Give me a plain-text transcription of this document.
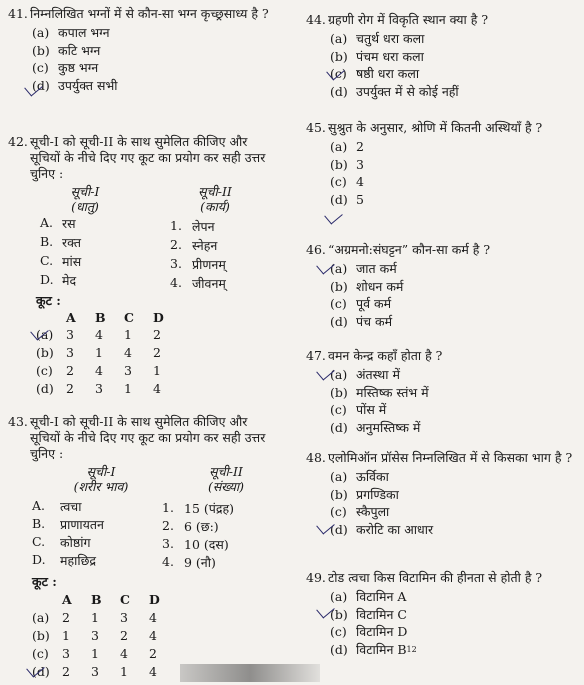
41. निम्नलिखित भग्नों में से कौन-सा भग्न कृच्छ्रसाध्य है ?
(a) कपाल भग्न
(b) कटि भग्न
(c) कुष्ठ भग्न
(d) उपर्युक्त सभी
42. सूची-I को सूची-II के साथ सुमेलित कीजिए और सूचियों के नीचे दिए गए कूट का प्रयोग कर सही उत्तर चुनिए :
सूची-I
(धातु)
सूची-II
(कार्य)
A. रस
B. रक्त
C. मांस
D. मेद
1. लेपन
2. स्नेहन
3. प्रीणनम्
4. जीवनम्
कूट :
A	B	C	D
(a)	3	4	1	2
(b) 3	1	4	2
(c)	2	4	3	1
(d) 2	3	1	4
43. सूची-I को सूची-II के साथ सुमेलित कीजिए और सूचियों के नीचे दिए गए कूट का प्रयोग कर सही उत्तर चुनिए :
सूची-I
(शरीर भाव)
सूची-II
(संख्या)
A.	त्वचा
B.	प्राणायतन
C.	कोष्ठांग
D.	महाछिद्र
1. 15 (पंद्रह)
2. 6 (छ:)
3. 10 (दस)
4. 9 (नौ)
कूट :
A	B	C	D
(a)	2	1	3	4
(b) 1	3	2	4
(c)	3	1	4	2
(d) 2	3	1	4
44. ग्रहणी रोग में विकृति स्थान क्या है ?
(a) चतुर्थ धरा कला
(b) पंचम धरा कला
(c) षष्ठी धरा कला
(d) उपर्युक्त में से कोई नहीं
45. सुश्रुत के अनुसार, श्रोणि में कितनी अस्थियाँ है ?
(a) 2
(b) 3
(c) 4
(d) 5
46. “अग्रमनो:संघट्टन” कौन-सा कर्म है ?
(a) जात कर्म
(b) शोधन कर्म
(c) पूर्व कर्म
(d) पंच कर्म
47. वमन केन्द्र कहाँ होता है ?
(a) अंतस्था में
(b) मस्तिष्क स्तंभ में
(c) पोंस में
(d) अनुमस्तिष्क में
48. एलोमिऑन प्रॉसेस निम्नलिखित में से किसका भाग है ?
(a) ऊर्विका
(b) प्रगण्डिका
(c) स्कैपुला
(d) करोटि का आधार
49. टोड त्वचा किस विटामिन की हीनता से होती है ?
(a) विटामिन A
(b) विटामिन C
(c) विटामिन D
(d) विटामिन B 12
